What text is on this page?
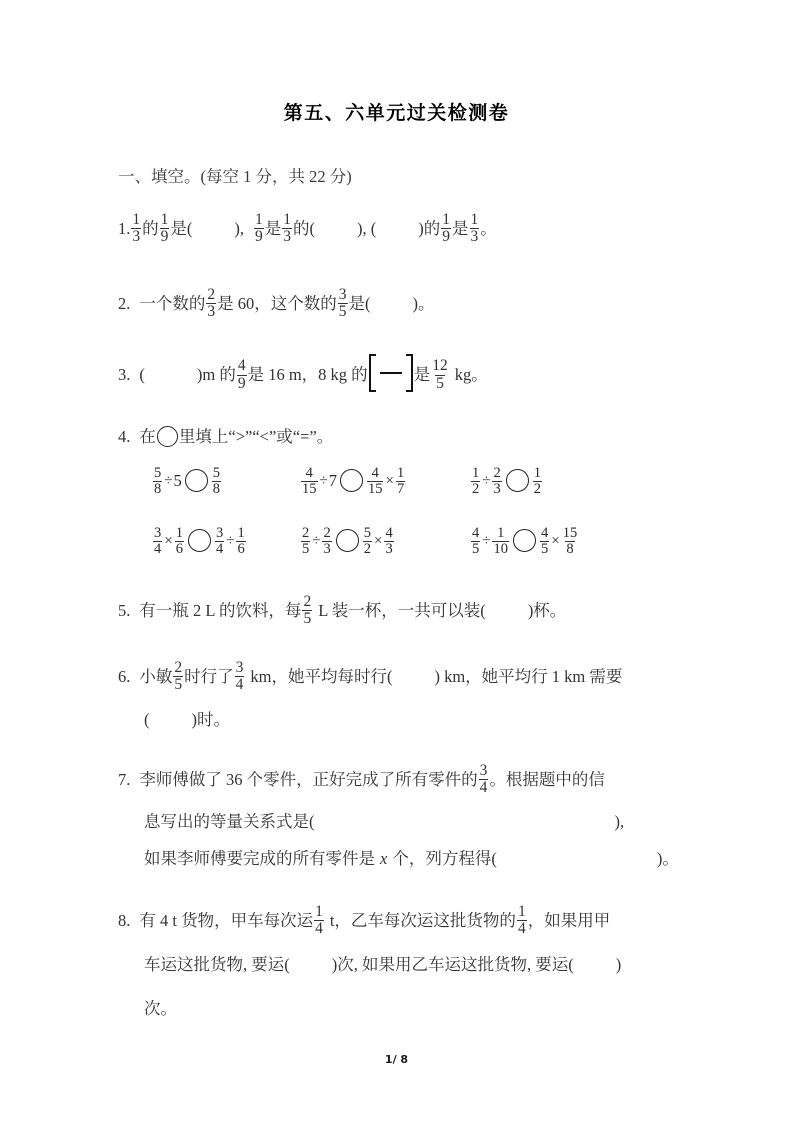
第五、六单元过关检测卷
一、填空。(每空 1 分，共 22 分)
1. $\frac{1}{3}$ 的 $\frac{1}{9}$ 是(	), $\frac{1}{9}$ 是 $\frac{1}{3}$ 的(	), (	)的 $\frac{1}{9}$ 是 $\frac{1}{3}$ 。
2. 一个数的 $\frac{2}{3}$ 是 60，这个数的 $\frac{3}{5}$ 是(	)。
3. (	)m 的 $\frac{4}{9}$ 是 16 m，8 kg 的	是 $\frac{12}{5}$ kg。
4. 在 里填上“>”“<”或“=”。
$\frac{5}{8} \div 5 \frac{5}{8}$	$\frac{4}{15} \div 7 \frac{4}{15} \times \frac{1}{7}$	$\frac{1}{2} \div \frac{2}{3} \frac{1}{2}$
$\frac{3}{4} \times \frac{1}{6} \frac{3}{4} \div \frac{1}{6}$	$\frac{2}{5} \div \frac{2}{3} \frac{5}{2} \times \frac{4}{3}$	$\frac{4}{5} \div \frac{1}{10} \frac{4}{5} \times \frac{15}{8}$
5. 有一瓶 2 L 的饮料，每 $\frac{2}{5}$ L 装一杯，一共可以装(	)杯。
6. 小敏 $\frac{2}{5}$ 时行了 $\frac{3}{4}$ km，她平均每时行(	) km，她平均行 1 km 需要
(	)时。
7. 李师傅做了 36 个零件，正好完成了所有零件的 $\frac{3}{4}$ 。根据题中的信
息写出的等量关系式是(	),
如果李师傅要完成的所有零件是 x 个，列方程得(	)。
8. 有 4 t 货物，甲车每次运 $\frac{1}{4}$ t，乙车每次运这批货物的 $\frac{1}{4}$ ，如果用甲
车运这批货物, 要运(	)次, 如果用乙车运这批货物, 要运(	)
次。
1/ 8
